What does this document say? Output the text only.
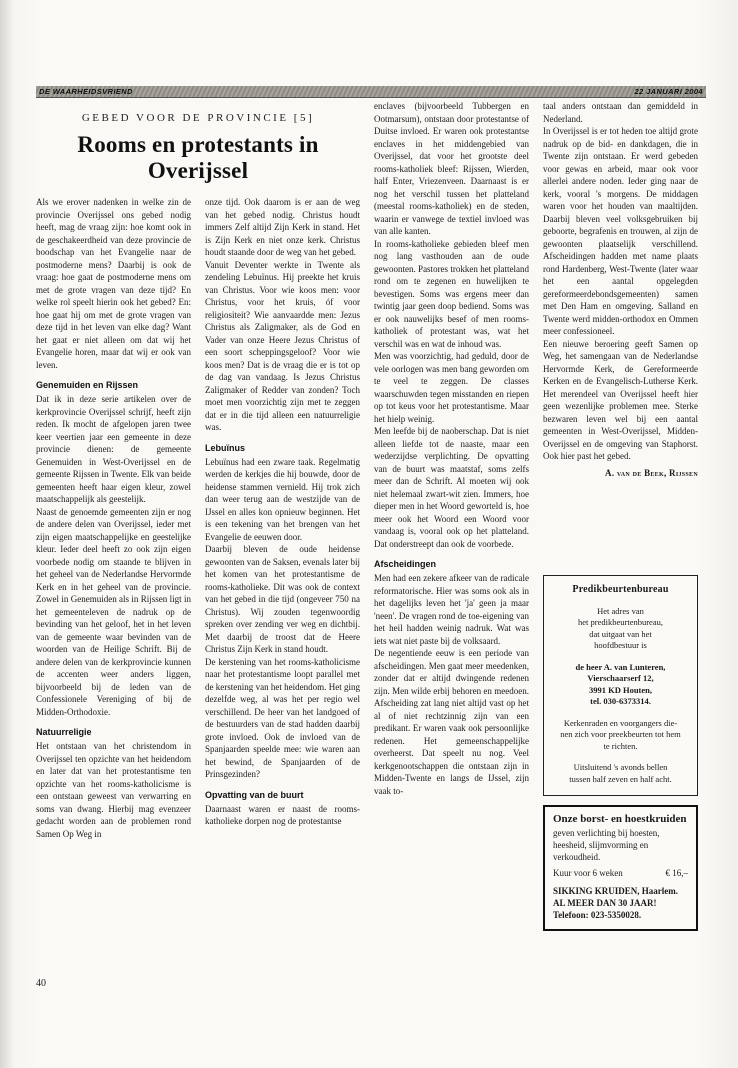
DE WAARHEIDSVRIEND	22 JANUARI 2004
GEBED VOOR DE PROVINCIE [5]
Rooms en protestants in Overijssel

Als we erover nadenken in welke zin de provincie Overijssel ons gebed nodig heeft, mag de vraag zijn: hoe komt ook in de geschakeerdheid van deze provincie de boodschap van het Evangelie naar de postmoderne mens? Daarbij is ook de vraag: hoe gaat de postmoderne mens om met de grote vragen van deze tijd? En welke rol speelt hierin ook het gebed? En: hoe gaat hij om met de grote vragen van deze tijd in het leven van elke dag? Want het gaat er niet alleen om dat wij het Evangelie horen, maar dat wij er ook van leven.

Genemuiden en Rijssen

Dat ik in deze serie artikelen over de kerkprovincie Overijssel schrijf, heeft zijn reden. Ik mocht de afgelopen jaren twee keer veertien jaar een gemeente in deze provincie dienen: de gemeente Genemuiden in West-Overijssel en de gemeente Rijssen in Twente. Elk van beide gemeenten heeft haar eigen kleur, zowel maatschappelijk als geestelijk.

Naast de genoemde gemeenten zijn er nog de andere delen van Overijssel, ieder met zijn eigen maatschappelijke en geestelijke kleur. Ieder deel heeft zo ook zijn eigen voorbede nodig om staande te blijven in het geheel van de Nederlandse Hervormde Kerk en in het geheel van de provincie. Zowel in Genemuiden als in Rijssen ligt in het gemeenteleven de nadruk op de bevinding van het geloof, het in het leven van de gemeente waar bevinden van de woorden van de Heilige Schrift. Bij de andere delen van de kerkprovincie kunnen de accenten weer anders liggen, bijvoorbeeld bij de leden van de Confessionele Vereniging of bij de Midden-Orthodoxie.

Natuurreligie

Het ontstaan van het christendom in Overijssel ten opzichte van het heidendom en later dat van het protestantisme ten opzichte van het rooms-katholicisme is een ontstaan geweest van verwarring en soms van dwang. Hierbij mag evenzeer gedacht worden aan de problemen rond Samen Op Weg in

onze tijd. Ook daarom is er aan de weg van het gebed nodig. Christus houdt immers Zelf altijd Zijn Kerk in stand. Het is Zijn Kerk en niet onze kerk. Christus houdt staande door de weg van het gebed.

Vanuit Deventer werkte in Twente als zendeling Lebuïnus. Hij preekte het kruis van Christus. Voor wie koos men: voor Christus, voor het kruis, óf voor religiositeit? Wie aanvaardde men: Jezus Christus als Zaligmaker, als de God en Vader van onze Heere Jezus Christus of een soort scheppingsgeloof? Voor wie koos men? Dat is de vraag die er is tot op de dag van vandaag. Is Jezus Christus Zaligmaker of Redder van zonden? Toch moet men voorzichtig zijn met te zeggen dat er in die tijd alleen een natuurreligie was.

Lebuïnus

Lebuïnus had een zware taak. Regelmatig werden de kerkjes die hij bouwde, door de heidense stammen vernield. Hij trok zich dan weer terug aan de westzijde van de IJssel en alles kon opnieuw beginnen. Het is een tekening van het brengen van het Evangelie de eeuwen door.

Daarbij bleven de oude heidense gewoonten van de Saksen, evenals later bij het komen van het protestantisme de rooms-katholieke. Dit was ook de context van het gebed in die tijd (ongeveer 750 na Christus). Wij zouden tegenwoordig spreken over zending ver weg en dichtbij. Met daarbij de troost dat de Heere Christus Zijn Kerk in stand houdt.

De kerstening van het rooms-katholicisme naar het protestantisme loopt parallel met de kerstening van het heidendom. Het ging dezelfde weg, al was het per regio wel verschillend. De heer van het landgoed of de bestuurders van de stad hadden daarbij grote invloed. Ook de invloed van de Spanjaarden speelde mee: wie waren aan het bewind, de Spanjaarden of de Prinsgezinden?

Opvatting van de buurt

Daarnaast waren er naast de rooms-katholieke dorpen nog de protestantse

enclaves (bijvoorbeeld Tubbergen en Ootmarsum), ontstaan door protestantse of Duitse invloed. Er waren ook protestantse enclaves in het middengebied van Overijssel, dat voor het grootste deel rooms-katholiek bleef: Rijssen, Wierden, half Enter, Vriezenveen. Daarnaast is er nog het verschil tussen het platteland (meestal rooms-katholiek) en de steden, waarin er vanwege de textiel invloed was van alle kanten.

In rooms-katholieke gebieden bleef men nog lang vasthouden aan de oude gewoonten. Pastores trokken het platteland rond om te zegenen en huwelijken te bevestigen. Soms was ergens meer dan twintig jaar geen doop bediend. Soms was er ook nauwelijks besef of men rooms-katholiek of protestant was, wat het verschil was en wat de inhoud was.

Men was voorzichtig, had geduld, door de vele oorlogen was men bang geworden om te veel te zeggen. De classes waarschuwden tegen misstanden en riepen op tot keus voor het protestantisme. Maar het hielp weinig.

Men leefde bij de naoberschap. Dat is niet alleen liefde tot de naaste, maar een wederzijdse verplichting. De opvatting van de buurt was maatstaf, soms zelfs meer dan de Schrift. Al moeten wij ook niet helemaal zwart-wit zien. Immers, hoe dieper men in het Woord geworteld is, hoe meer ook het Woord een Woord voor vandaag is, vooral ook op het platteland. Dat onderstreept dan ook de voorbede.

Afscheidingen

Men had een zekere afkeer van de radicale reformatorische. Hier was soms ook als in het dagelijks leven het 'ja' geen ja maar 'neen'. De vragen rond de toe-eigening van het heil hadden weinig nadruk. Wat was iets wat niet paste bij de volksaard.

De negentiende eeuw is een periode van afscheidingen. Men gaat meer meedenken, zonder dat er altijd dwingende redenen zijn. Men wilde erbij behoren en meedoen. Afscheiding zat lang niet altijd vast op het al of niet rechtzinnig zijn van een predikant. Er waren vaak ook persoonlijke redenen. Het gemeenschappelijke overheerst. Dat speelt nu nog. Veel kerkgenootschappen die ontstaan zijn in Midden-Twente en langs de IJssel, zijn vaak to-

taal anders ontstaan dan gemiddeld in Nederland.

In Overijssel is er tot heden toe altijd grote nadruk op de bid- en dankdagen, die in Twente zijn ontstaan. Er werd gebeden voor gewas en arbeid, maar ook voor allerlei andere noden. Ieder ging naar de kerk, vooral 's morgens. De middagen waren voor het houden van maaltijden. Daarbij bleven veel volksgebruiken bij geboorte, begrafenis en trouwen, al zijn de gewoonten plaatselijk verschillend. Afscheidingen hadden met name plaats rond Hardenberg, West-Twente (later waar het een aantal opgelegden gereformeerdebondsgemeenten) samen met Den Ham en omgeving. Salland en Twente werd midden-orthodox en Ommen meer confessioneel.

Een nieuwe beroering geeft Samen op Weg, het samengaan van de Nederlandse Hervormde Kerk, de Gereformeerde Kerken en de Evangelisch-Lutherse Kerk. Het merendeel van Overijssel heeft hier geen wezenlijke problemen mee. Sterke bezwaren leven wel bij een aantal gemeenten in West-Overijssel, Midden-Overijssel en de omgeving van Staphorst. Ook hier past het gebed.

A. van de Beek, Rijssen
Predikbeurtenbureau
Het adres van
het predikbeurtenbureau,
dat uitgaat van het
hoofdbestuur is
de heer A. van Lunteren,
Vierschaarserf 12,
3991 KD Houten,
tel. 030-6373314.
Kerkenraden en voorgangers die-
nen zich voor preekbeurten tot hem
te richten.
Uitsluitend 's avonds bellen
tussen half zeven en half acht.
Onze borst- en hoestkruiden
geven verlichting bij hoesten, heesheid, slijmvorming en verkoudheid.
Kuur voor 6 weken	€ 16,–
SIKKING KRUIDEN, Haarlem.
AL MEER DAN 30 JAAR!
Telefoon: 023-5350028.
40
